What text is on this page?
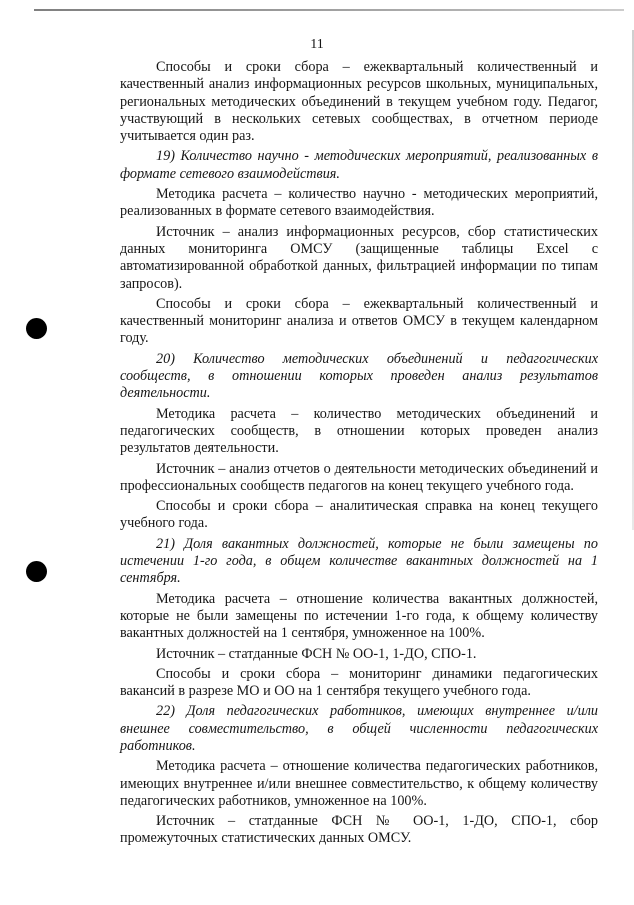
11

Способы и сроки сбора – ежеквартальный количественный и качественный анализ информационных ресурсов школьных, муниципальных, региональных методических объединений в текущем учебном году. Педагог, участвующий в нескольких сетевых сообществах, в отчетном периоде учитывается один раз.

19) Количество научно - методических мероприятий, реализованных в формате сетевого взаимодействия.

Методика расчета – количество научно - методических мероприятий, реализованных в формате сетевого взаимодействия.

Источник – анализ информационных ресурсов, сбор статистических данных мониторинга ОМСУ (защищенные таблицы Excel с автоматизированной обработкой данных, фильтрацией информации по типам запросов).

Способы и сроки сбора – ежеквартальный количественный и качественный мониторинг анализа и ответов ОМСУ в текущем календарном году.

20) Количество методических объединений и педагогических сообществ, в отношении которых проведен анализ результатов деятельности.

Методика расчета – количество методических объединений и педагогических сообществ, в отношении которых проведен анализ результатов деятельности.

Источник – анализ отчетов о деятельности методических объединений и профессиональных сообществ педагогов на конец текущего учебного года.

Способы и сроки сбора – аналитическая справка на конец текущего учебного года.

21) Доля вакантных должностей, которые не были замещены по истечении 1-го года, в общем количестве вакантных должностей на 1 сентября.

Методика расчета – отношение количества вакантных должностей, которые не были замещены по истечении 1-го года, к общему количеству вакантных должностей на 1 сентября, умноженное на 100%.

Источник – статданные ФСН № ОО-1, 1-ДО, СПО-1.

Способы и сроки сбора – мониторинг динамики педагогических вакансий в разрезе МО и ОО на 1 сентября текущего учебного года.

22) Доля педагогических работников, имеющих внутреннее и/или внешнее совместительство, в общей численности педагогических работников.

Методика расчета – отношение количества педагогических работников, имеющих внутреннее и/или внешнее совместительство, к общему количеству педагогических работников, умноженное на 100%.

Источник – статданные ФСН № ОО-1, 1-ДО, СПО-1, сбор промежуточных статистических данных ОМСУ.
